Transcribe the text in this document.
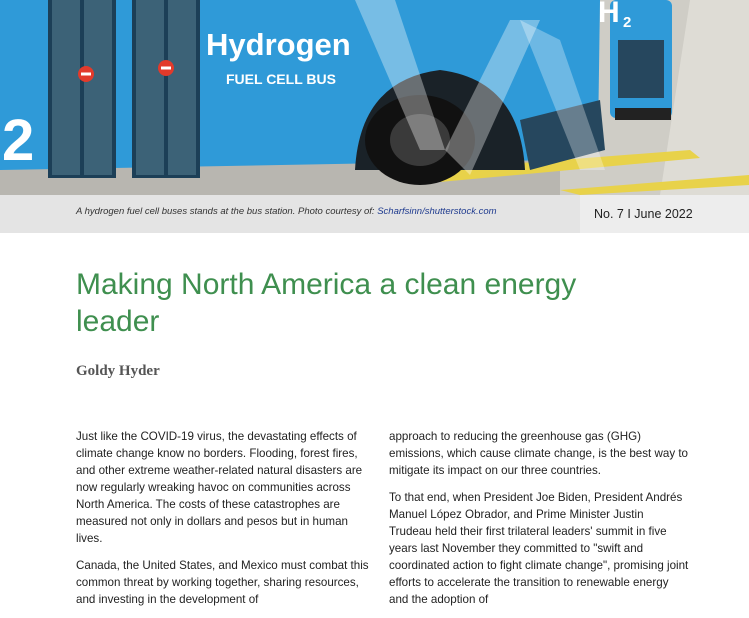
Hydrogen
FUEL CELL BUS
2
H 2
A hydrogen fuel cell buses stands at the bus station. Photo courtesy of: Scharfsinn/shutterstock.com	No. 7 I June 2022
Making North America a clean energy leader
Goldy Hyder

Just like the COVID-19 virus, the devastating effects of climate change know no borders. Flooding, forest fires, and other extreme weather-related natural disasters are now regularly wreaking havoc on communities across North America. The costs of these catastrophes are measured not only in dollars and pesos but in human lives.

Canada, the United States, and Mexico must combat this common threat by working together, sharing resources, and investing in the development of

approach to reducing the greenhouse gas (GHG) emissions, which cause climate change, is the best way to mitigate its impact on our three countries.

To that end, when President Joe Biden, President Andrés Manuel López Obrador, and Prime Minister Justin Trudeau held their first trilateral leaders' summit in five years last November they committed to "swift and coordinated action to fight climate change", promising joint efforts to accelerate the transition to renewable energy and the adoption of
